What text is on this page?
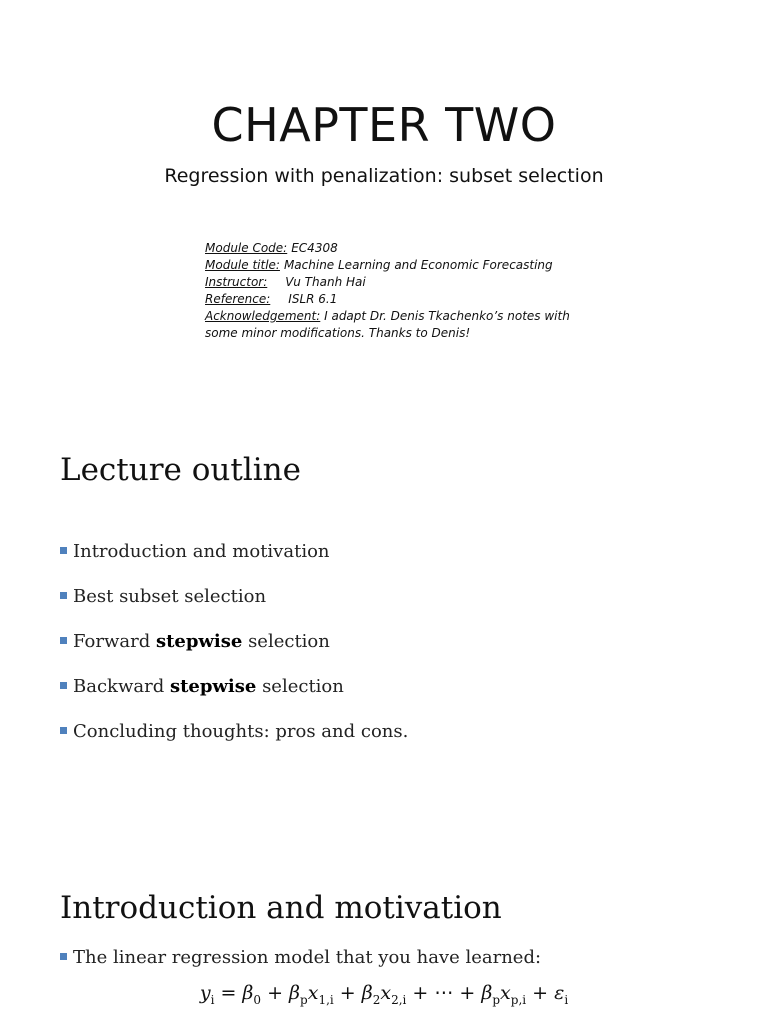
CHAPTER TWO
Regression with penalization: subset selection
Module Code: EC4308
Module title: Machine Learning and Economic Forecasting
Instructor: Vu Thanh Hai
Reference: ISLR 6.1
Acknowledgement: I adapt Dr. Denis Tkachenko’s notes with some minor modifications. Thanks to Denis!
Lecture outline
Introduction and motivation
Best subset selection
Forward stepwise selection
Backward stepwise selection
Concluding thoughts: pros and cons.
Introduction and motivation
The linear regression model that you have learned:
$y_i = \beta_0 + \beta_px_{1,i} + \beta_2x_{2,i}$ + ⋯ + $\beta_px_{p,i} + \varepsilon_i$
